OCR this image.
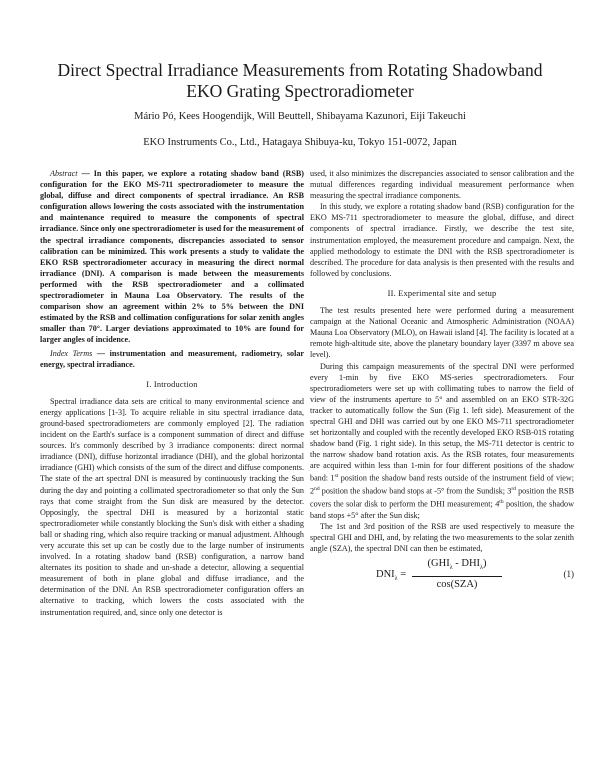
Direct Spectral Irradiance Measurements from Rotating Shadowband
EKO Grating Spectroradiometer
Mário Pó, Kees Hoogendijk, Will Beuttell, Shibayama Kazunori, Eiji Takeuchi
EKO Instruments Co., Ltd., Hatagaya Shibuya-ku, Tokyo 151-0072, Japan

Abstract — In this paper, we explore a rotating shadow band (RSB) configuration for the EKO MS-711 spectroradiometer to measure the global, diffuse and direct components of spectral irradiance. An RSB configuration allows lowering the costs associated with the instrumentation and maintenance required to measure the components of spectral irradiance. Since only one spectroradiometer is used for the measurement of the spectral irradiance components, discrepancies associated to sensor calibration can be minimized. This work presents a study to validate the EKO RSB spectroradiometer accuracy in measuring the direct normal irradiance (DNI). A comparison is made between the measurements performed with the RSB spectroradiometer and a collimated spectroradiometer in Mauna Loa Observatory. The results of the comparison show an agreement within 2% to 5% between the DNI estimated by the RSB and collimation configurations for solar zenith angles smaller than 70°. Larger deviations approximated to 10% are found for larger angles of incidence.

Index Terms — instrumentation and measurement, radiometry, solar energy, spectral irradiance.

I. Introduction

Spectral irradiance data sets are critical to many environmental science and energy applications [1-3]. To acquire reliable in situ spectral irradiance data, ground-based spectroradiometers are commonly employed [2]. The radiation incident on the Earth's surface is a component summation of direct and diffuse sources. It's commonly described by 3 irradiance components: direct normal irradiance (DNI), diffuse horizontal irradiance (DHI), and the global horizontal irradiance (GHI) which consists of the sum of the direct and diffuse components. The state of the art spectral DNI is measured by continuously tracking the Sun during the day and pointing a collimated spectroradiometer so that only the Sun rays that come straight from the Sun disk are measured by the detector. Opposingly, the spectral DHI is measured by a horizontal static spectroradiometer while constantly blocking the Sun's disk with either a shading ball or shading ring, which also require tracking or manual adjustment. Although very accurate this set up can be costly due to the large number of instruments involved. In a rotating shadow band (RSB) configuration, a narrow band alternates its position to shade and un-shade a detector, allowing a sequential measurement of both in plane global and diffuse irradiance, and the determination of the DNI. An RSB spectroradiometer configuration offers an alternative to tracking, which lowers the costs associated with the instrumentation required, and, since only one detector is

used, it also minimizes the discrepancies associated to sensor calibration and the mutual differences regarding individual measurement performance when measuring the spectral irradiance components.

In this study, we explore a rotating shadow band (RSB) configuration for the EKO MS-711 spectroradiometer to measure the global, diffuse, and direct components of spectral irradiance. Firstly, we describe the test site, instrumentation employed, the measurement procedure and campaign. Next, the applied methodology to estimate the DNI with the RSB spectroradiometer is described. The procedure for data analysis is then presented with the results and followed by conclusions.

II. Experimental site and setup

The test results presented here were performed during a measurement campaign at the National Oceanic and Atmospheric Administration (NOAA) Mauna Loa Observatory (MLO), on Hawaii island [4]. The facility is located at a remote high-altitude site, above the planetary boundary layer (3397 m above sea level).

During this campaign measurements of the spectral DNI were performed every 1-min by five EKO MS-series spectroradiometers. Four spectroradiometers were set up with collimating tubes to narrow the field of view of the instruments aperture to 5° and assembled on an EKO STR-32G tracker to automatically follow the Sun (Fig 1. left side). Measurement of the spectral GHI and DHI was carried out by one EKO MS-711 spectroradiometer set horizontally and coupled with the recently developed EKO RSB-01S rotating shadow band (Fig. 1 right side). In this setup, the MS-711 detector is centric to the narrow shadow band rotation axis. As the RSB rotates, four measurements are acquired within less than 1-min for four different positions of the shadow band: 1st position the shadow band rests outside of the instrument field of view; 2nd position the shadow band stops at -5° from the Sundisk; 3rd position the RSB covers the solar disk to perform the DHI measurement; 4th position, the shadow band stops +5° after the Sun disk;

The 1st and 3rd position of the RSB are used respectively to measure the spectral GHI and DHI, and, by relating the two measurements to the solar zenith angle (SZA), the spectral DNI can then be estimated,

$DNI_\lambda$ =
$(GHI_\lambda - DHI_\lambda)$
cos(SZA)
(1)
